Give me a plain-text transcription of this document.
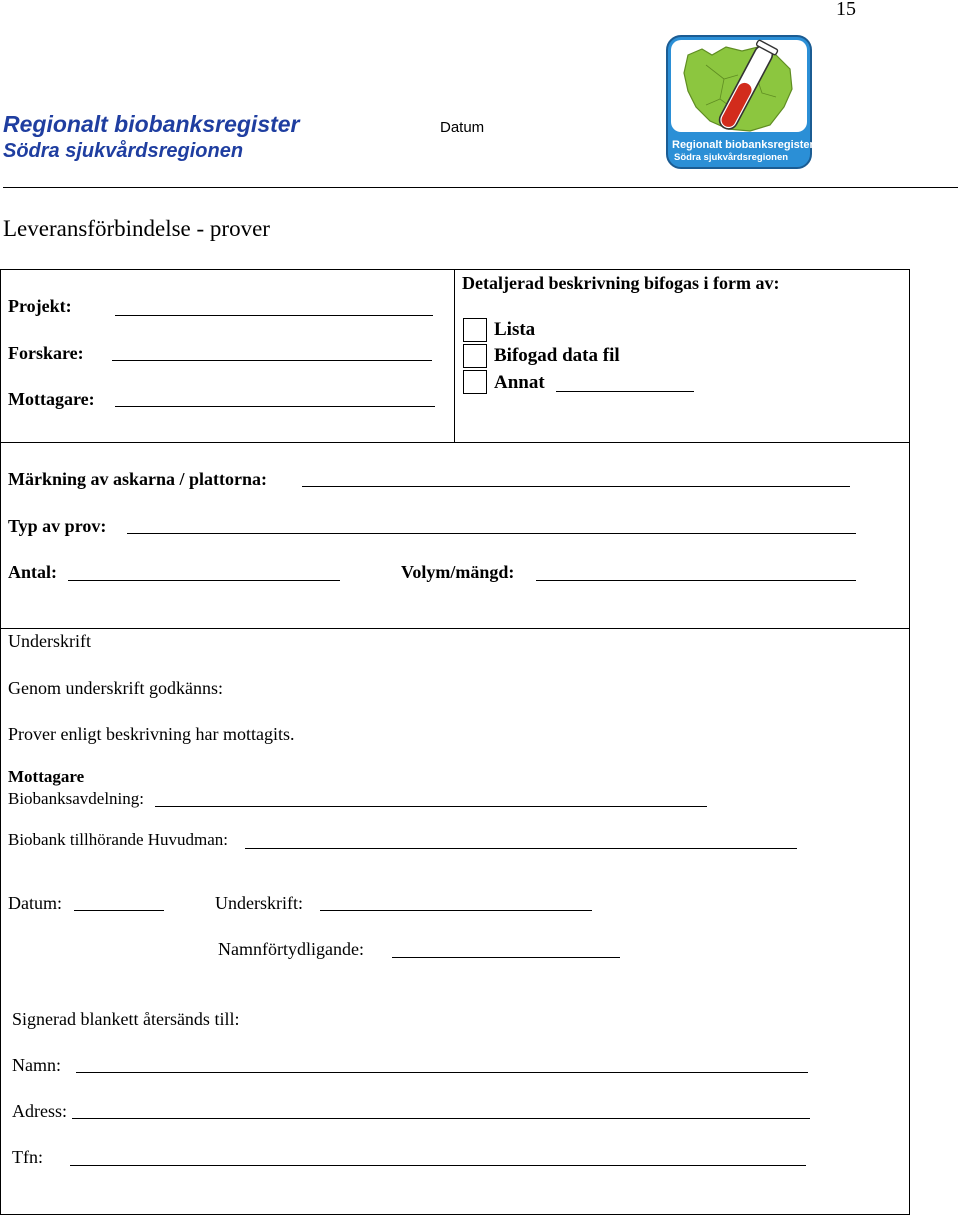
15
Regionalt biobanksregister
Södra sjukvårdsregionen
Datum
Regionalt biobanksregister
Södra sjukvårdsregionen
Leveransförbindelse - prover
Projekt:
Forskare:
Mottagare:
Detaljerad beskrivning bifogas i form av:
Lista
Bifogad data fil
Annat
Märkning av askarna / plattorna:
Typ av prov:
Antal:	Volym/mängd:
Underskrift
Genom underskrift godkänns:
Prover enligt beskrivning har mottagits.
Mottagare
Biobanksavdelning:
Biobank tillhörande Huvudman:
Datum:	Underskrift:
Namnförtydligande:
Signerad blankett återsänds till:
Namn:
Adress:
Tfn:
